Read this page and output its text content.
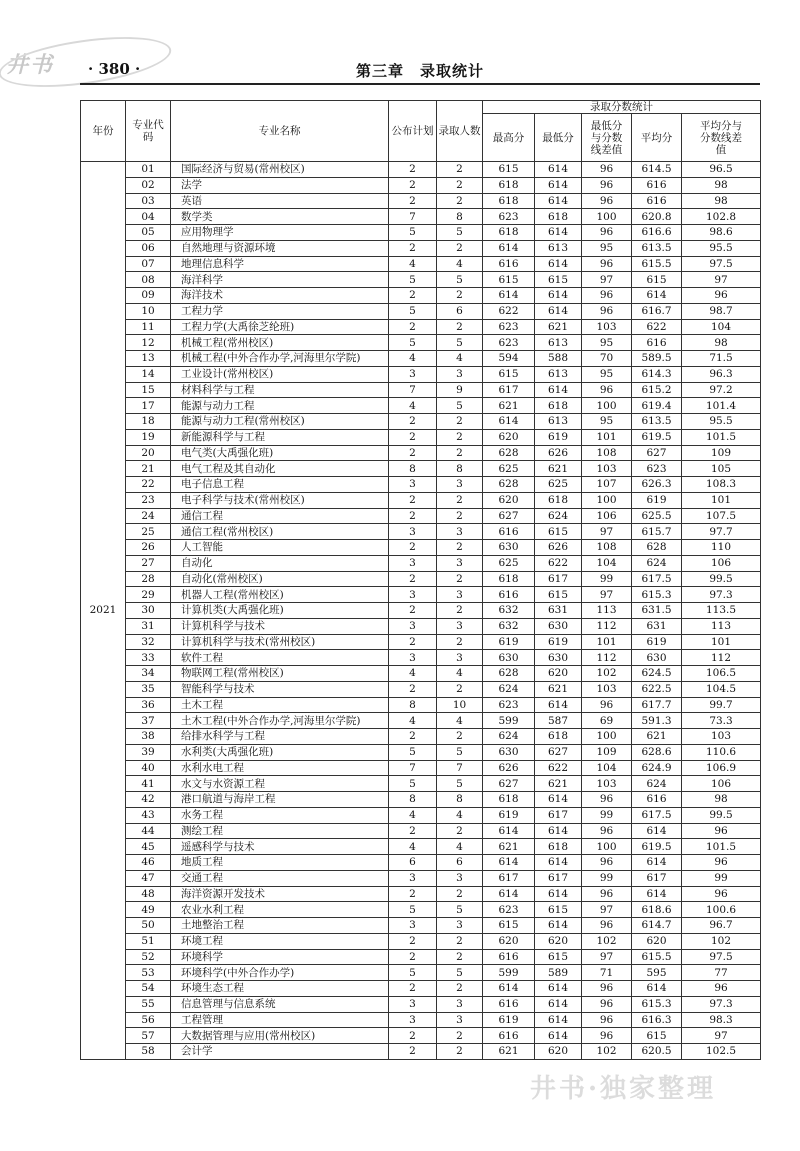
井书 · 380 ·	第三章　录取统计
年份	专业代码	专业名称	公布计划	录取人数	录取分数统计				
					最高分	最低分	最低分与分数线差值	平均分	平均分与分数线差值
2021	01	国际经济与贸易(常州校区)	2	2	615	614	96	614.5	96.5
	02	法学	2	2	618	614	96	616	98
	03	英语	2	2	618	614	96	616	98
	04	数学类	7	8	623	618	100	620.8	102.8
	05	应用物理学	5	5	618	614	96	616.6	98.6
	06	自然地理与资源环境	2	2	614	613	95	613.5	95.5
	07	地理信息科学	4	4	616	614	96	615.5	97.5
	08	海洋科学	5	5	615	615	97	615	97
	09	海洋技术	2	2	614	614	96	614	96
	10	工程力学	5	6	622	614	96	616.7	98.7
	11	工程力学(大禹徐芝纶班)	2	2	623	621	103	622	104
	12	机械工程(常州校区)	5	5	623	613	95	616	98
	13	机械工程(中外合作办学,河海里尔学院)	4	4	594	588	70	589.5	71.5
	14	工业设计(常州校区)	3	3	615	613	95	614.3	96.3
	15	材料科学与工程	7	9	617	614	96	615.2	97.2
	17	能源与动力工程	4	5	621	618	100	619.4	101.4
	18	能源与动力工程(常州校区)	2	2	614	613	95	613.5	95.5
	19	新能源科学与工程	2	2	620	619	101	619.5	101.5
	20	电气类(大禹强化班)	2	2	628	626	108	627	109
	21	电气工程及其自动化	8	8	625	621	103	623	105
	22	电子信息工程	3	3	628	625	107	626.3	108.3
	23	电子科学与技术(常州校区)	2	2	620	618	100	619	101
	24	通信工程	2	2	627	624	106	625.5	107.5
	25	通信工程(常州校区)	3	3	616	615	97	615.7	97.7
	26	人工智能	2	2	630	626	108	628	110
	27	自动化	3	3	625	622	104	624	106
	28	自动化(常州校区)	2	2	618	617	99	617.5	99.5
	29	机器人工程(常州校区)	3	3	616	615	97	615.3	97.3
	30	计算机类(大禹强化班)	2	2	632	631	113	631.5	113.5
	31	计算机科学与技术	3	3	632	630	112	631	113
	32	计算机科学与技术(常州校区)	2	2	619	619	101	619	101
	33	软件工程	3	3	630	630	112	630	112
	34	物联网工程(常州校区)	4	4	628	620	102	624.5	106.5
	35	智能科学与技术	2	2	624	621	103	622.5	104.5
	36	土木工程	8	10	623	614	96	617.7	99.7
	37	土木工程(中外合作办学,河海里尔学院)	4	4	599	587	69	591.3	73.3
	38	给排水科学与工程	2	2	624	618	100	621	103
	39	水利类(大禹强化班)	5	5	630	627	109	628.6	110.6
	40	水利水电工程	7	7	626	622	104	624.9	106.9
	41	水文与水资源工程	5	5	627	621	103	624	106
	42	港口航道与海岸工程	8	8	618	614	96	616	98
	43	水务工程	4	4	619	617	99	617.5	99.5
	44	测绘工程	2	2	614	614	96	614	96
	45	遥感科学与技术	4	4	621	618	100	619.5	101.5
	46	地质工程	6	6	614	614	96	614	96
	47	交通工程	3	3	617	617	99	617	99
	48	海洋资源开发技术	2	2	614	614	96	614	96
	49	农业水利工程	5	5	623	615	97	618.6	100.6
	50	土地整治工程	3	3	615	614	96	614.7	96.7
	51	环境工程	2	2	620	620	102	620	102
	52	环境科学	2	2	616	615	97	615.5	97.5
	53	环境科学(中外合作办学)	5	5	599	589	71	595	77
	54	环境生态工程	2	2	614	614	96	614	96
	55	信息管理与信息系统	3	3	616	614	96	615.3	97.3
	56	工程管理	3	3	619	614	96	616.3	98.3
	57	大数据管理与应用(常州校区)	2	2	616	614	96	615	97
	58	会计学	2	2	621	620	102	620.5	102.5
井书·独家整理
